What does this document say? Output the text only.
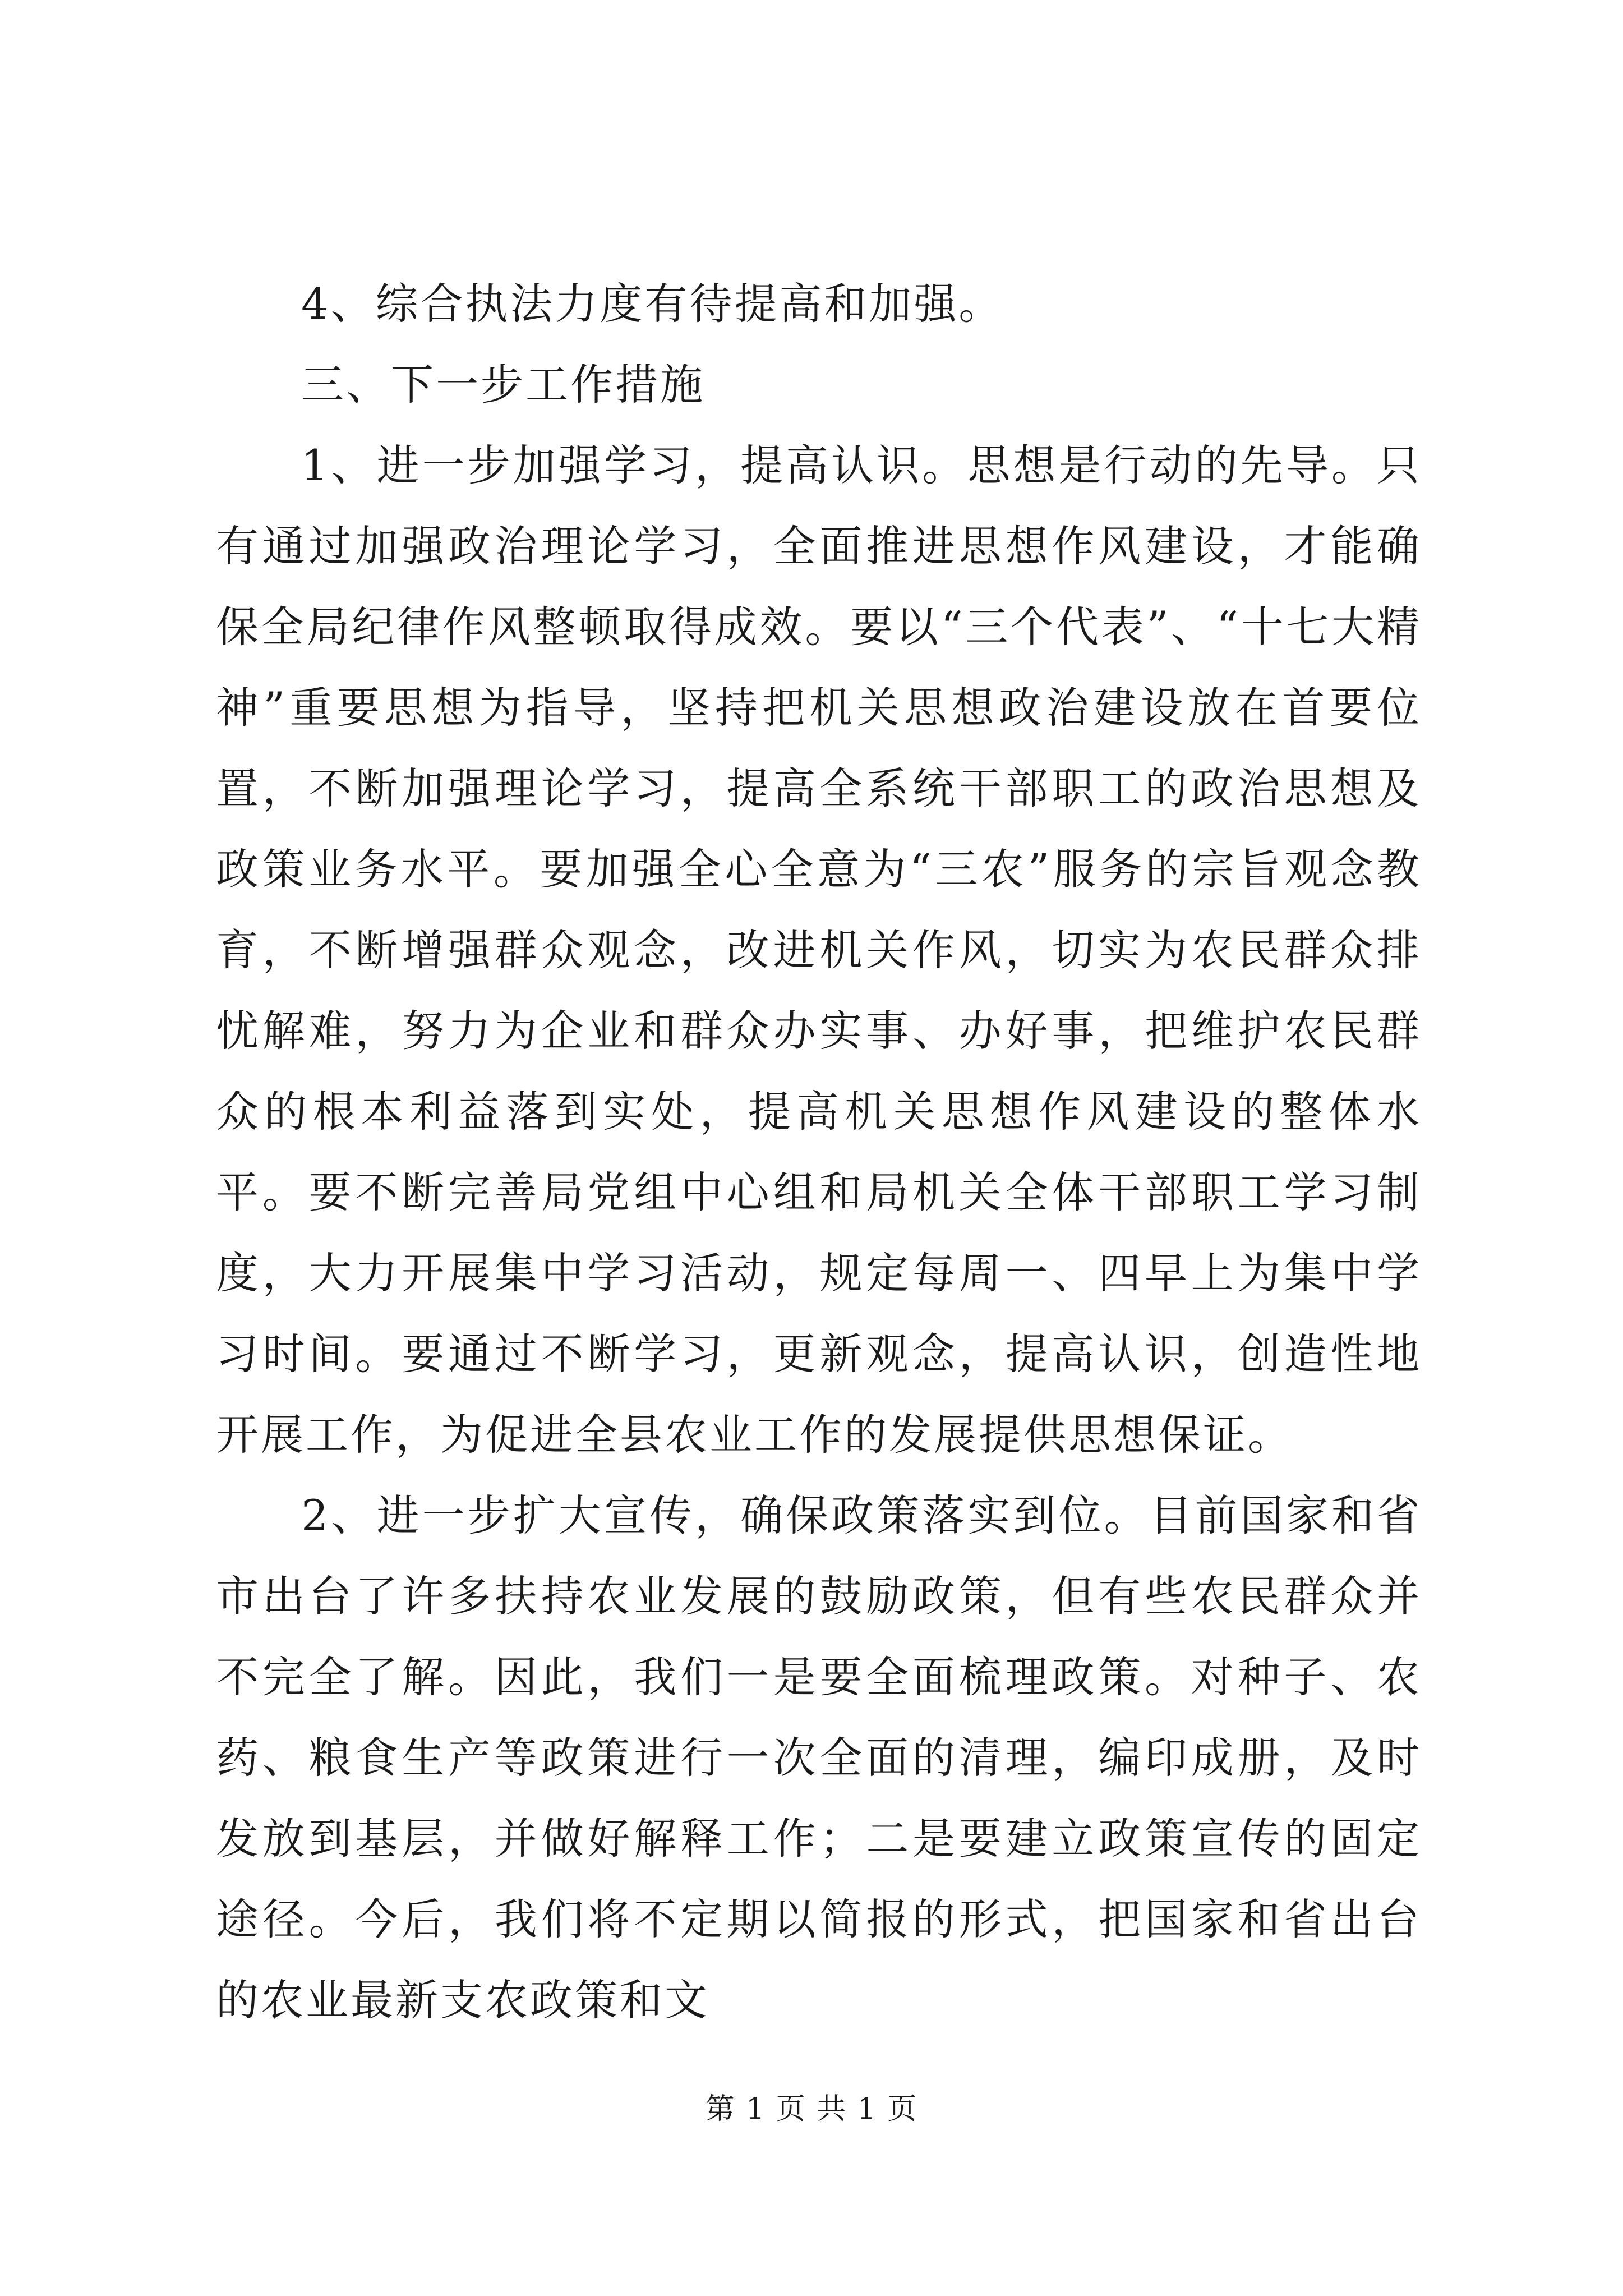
4、综合执法力度有待提高和加强。

三、下一步工作措施

1、进一步加强学习，提高认识。思想是行动的先导。只有通过加强政治理论学习，全面推进思想作风建设，才能确保全局纪律作风整顿取得成效。要以“三个代表”、“十七大精神”重要思想为指导，坚持把机关思想政治建设放在首要位置，不断加强理论学习，提高全系统干部职工的政治思想及政策业务水平。要加强全心全意为“三农”服务的宗旨观念教育，不断增强群众观念，改进机关作风，切实为农民群众排忧解难，努力为企业和群众办实事、办好事，把维护农民群众的根本利益落到实处，提高机关思想作风建设的整体水平。要不断完善局党组中心组和局机关全体干部职工学习制度，大力开展集中学习活动，规定每周一、四早上为集中学习时间。要通过不断学习，更新观念，提高认识，创造性地开展工作，为促进全县农业工作的发展提供思想保证。

2、进一步扩大宣传，确保政策落实到位。目前国家和省市出台了许多扶持农业发展的鼓励政策，但有些农民群众并不完全了解。因此，我们一是要全面梳理政策。对种子、农药、粮食生产等政策进行一次全面的清理，编印成册，及时发放到基层，并做好解释工作；二是要建立政策宣传的固定途径。今后，我们将不定期以简报的形式，把国家和省出台的农业最新支农政策和文

第 1 页 共 1 页
